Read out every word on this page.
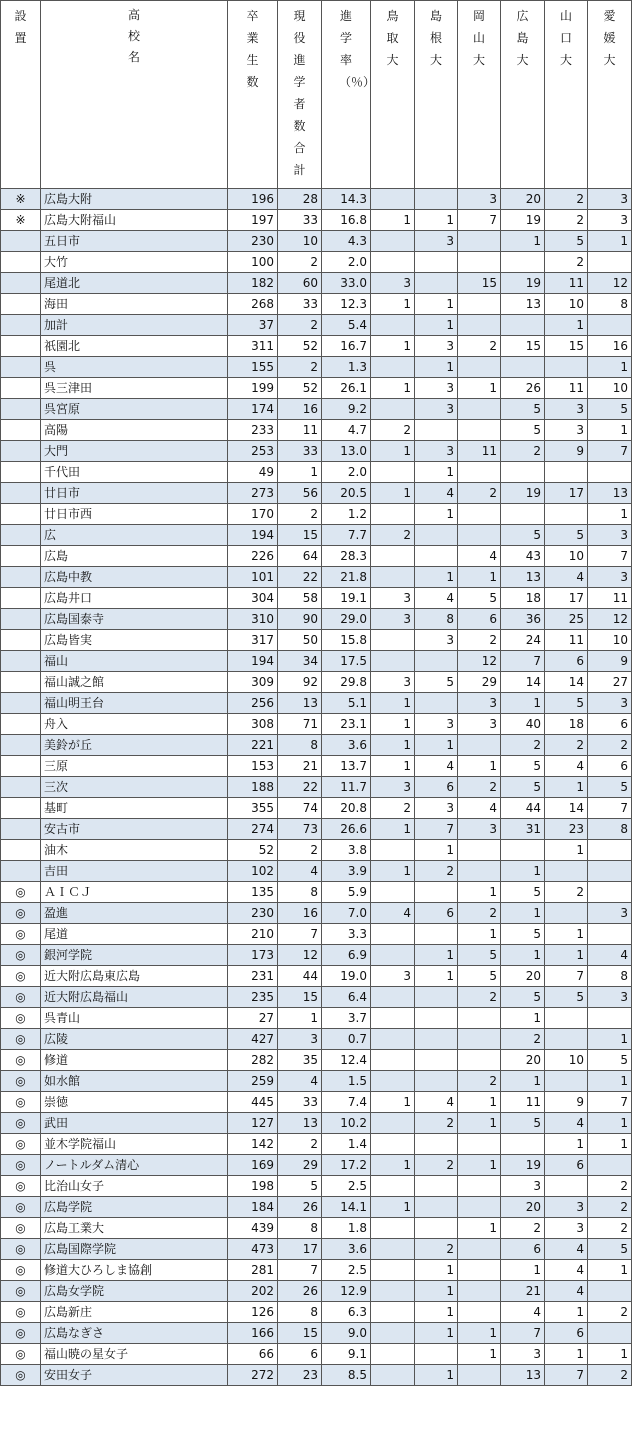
設置	高校名	卒業生数	現役進学者数合計	進学率（％）	鳥取大	島根大	岡山大	広島大	山口大	愛媛大

※	広島大附	196	28	14.3			3	20	2	3
※	広島大附福山	197	33	16.8	1	1	7	19	2	3
	五日市	230	10	4.3		3		1	5	1
	大竹	100	2	2.0					2	
	尾道北	182	60	33.0	3		15	19	11	12
	海田	268	33	12.3	1	1		13	10	8
	加計	37	2	5.4		1			1	
	祇園北	311	52	16.7	1	3	2	15	15	16
	呉	155	2	1.3		1				1
	呉三津田	199	52	26.1	1	3	1	26	11	10
	呉宮原	174	16	9.2		3		5	3	5
	高陽	233	11	4.7	2			5	3	1
	大門	253	33	13.0	1	3	11	2	9	7
	千代田	49	1	2.0		1				
	廿日市	273	56	20.5	1	4	2	19	17	13
	廿日市西	170	2	1.2		1				1
	広	194	15	7.7	2			5	5	3
	広島	226	64	28.3			4	43	10	7
	広島中教	101	22	21.8		1	1	13	4	3
	広島井口	304	58	19.1	3	4	5	18	17	11
	広島国泰寺	310	90	29.0	3	8	6	36	25	12
	広島皆実	317	50	15.8		3	2	24	11	10
	福山	194	34	17.5			12	7	6	9
	福山誠之館	309	92	29.8	3	5	29	14	14	27
	福山明王台	256	13	5.1	1		3	1	5	3
	舟入	308	71	23.1	1	3	3	40	18	6
	美鈴が丘	221	8	3.6	1	1		2	2	2
	三原	153	21	13.7	1	4	1	5	4	6
	三次	188	22	11.7	3	6	2	5	1	5
	基町	355	74	20.8	2	3	4	44	14	7
	安古市	274	73	26.6	1	7	3	31	23	8
	油木	52	2	3.8		1			1	
	吉田	102	4	3.9	1	2		1		
◎	ＡＩＣＪ	135	8	5.9			1	5	2	
◎	盈進	230	16	7.0	4	6	2	1		3
◎	尾道	210	7	3.3			1	5	1	
◎	銀河学院	173	12	6.9		1	5	1	1	4
◎	近大附広島東広島	231	44	19.0	3	1	5	20	7	8
◎	近大附広島福山	235	15	6.4			2	5	5	3
◎	呉青山	27	1	3.7				1		
◎	広陵	427	3	0.7				2		1
◎	修道	282	35	12.4				20	10	5
◎	如水館	259	4	1.5			2	1		1
◎	崇徳	445	33	7.4	1	4	1	11	9	7
◎	武田	127	13	10.2		2	1	5	4	1
◎	並木学院福山	142	2	1.4					1	1
◎	ノートルダム清心	169	29	17.2	1	2	1	19	6	
◎	比治山女子	198	5	2.5				3		2
◎	広島学院	184	26	14.1	1			20	3	2
◎	広島工業大	439	8	1.8			1	2	3	2
◎	広島国際学院	473	17	3.6		2		6	4	5
◎	修道大ひろしま協創	281	7	2.5		1		1	4	1
◎	広島女学院	202	26	12.9		1		21	4	
◎	広島新庄	126	8	6.3		1		4	1	2
◎	広島なぎさ	166	15	9.0		1	1	7	6	
◎	福山暁の星女子	66	6	9.1			1	3	1	1
◎	安田女子	272	23	8.5		1		13	7	2
